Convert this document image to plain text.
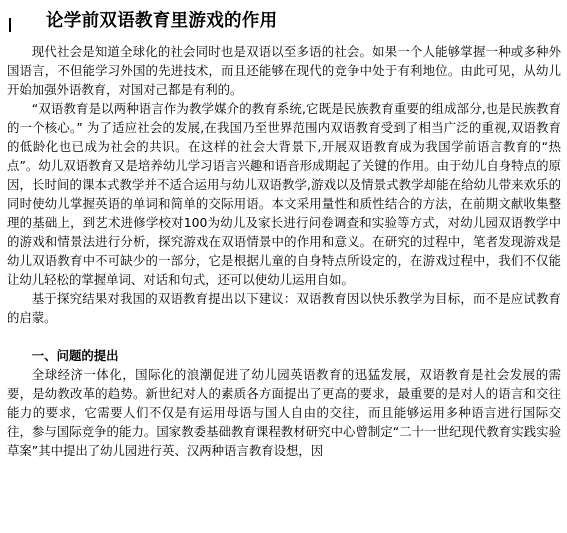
论学前双语教育里游戏的作用

现代社会是知道全球化的社会同时也是双语以至多语的社会。如果一个人能够掌握一种或多种外国语言，不但能学习外国的先进技术，而且还能够在现代的竞争中处于有利地位。由此可见，从幼儿开始加强外语教育，对国对己都是有利的。

“双语教育是以两种语言作为教学媒介的教育系统,它既是民族教育重要的组成部分,也是民族教育的一个核心。” 为了适应社会的发展,在我国乃至世界范围内双语教育受到了相当广泛的重视,双语教育的低龄化也已成为社会的共识。在这样的社会大背景下,开展双语教育成为我国学前语言教育的“热点”。幼儿双语教育又是培养幼儿学习语言兴趣和语音形成期起了关键的作用。由于幼儿自身特点的原因，长时间的课本式教学并不适合运用与幼儿双语教学,游戏以及情景式教学却能在给幼儿带来欢乐的同时使幼儿掌握英语的单词和简单的交际用语。本文采用量性和质性结合的方法，在前期文献收集整理的基础上，到艺术进修学校对100为幼儿及家长进行问卷调查和实验等方式，对幼儿园双语教学中的游戏和情景法进行分析，探究游戏在双语情景中的作用和意义。在研究的过程中，笔者发现游戏是幼儿双语教育中不可缺少的一部分，它是根据儿童的自身特点所设定的，在游戏过程中，我们不仅能让幼儿轻松的掌握单词、对话和句式，还可以使幼儿运用自如。

基于探究结果对我国的双语教育提出以下建议：双语教育因以快乐教学为目标，而不是应试教育的启蒙。

一、问题的提出

全球经济一体化，国际化的浪潮促进了幼儿园英语教育的迅猛发展，双语教育是社会发展的需要，是幼教改革的趋势。新世纪对人的素质各方面提出了更高的要求，最重要的是对人的语言和交往能力的要求，它需要人们不仅是有运用母语与国人自由的交往，而且能够运用多种语言进行国际交往，参与国际竞争的能力。国家教委基础教育课程教材研究中心曾制定“二十一世纪现代教育实践实验草案”其中提出了幼儿园进行英、汉两种语言教育设想，因
